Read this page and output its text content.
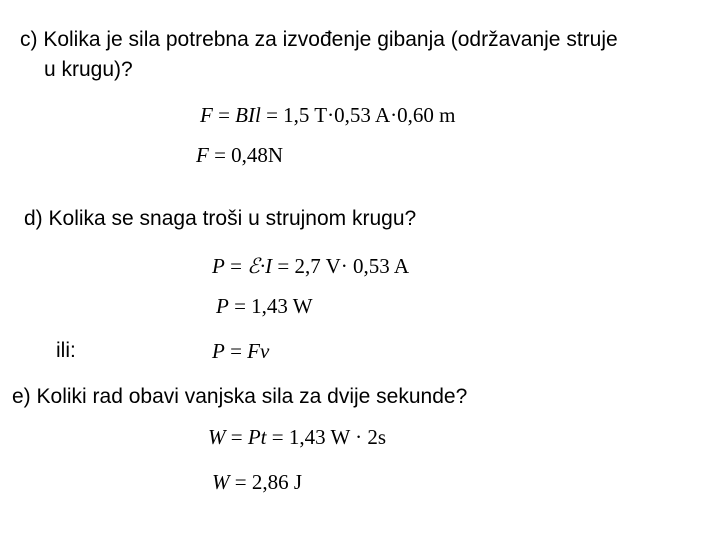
c) Kolika je sila potrebna za izvođenje gibanja (održavanje struje
u krugu)?
F = BIl = 1,5 T·0,53 A·0,60 m
F = 0,48N
d) Kolika se snaga troši u strujnom krugu?
P = ℰ·I = 2,7 V· 0,53 A
P = 1,43 W
ili:	P = Fv
e) Koliki rad obavi vanjska sila za dvije sekunde?
W = Pt = 1,43 W · 2s
W = 2,86 J
